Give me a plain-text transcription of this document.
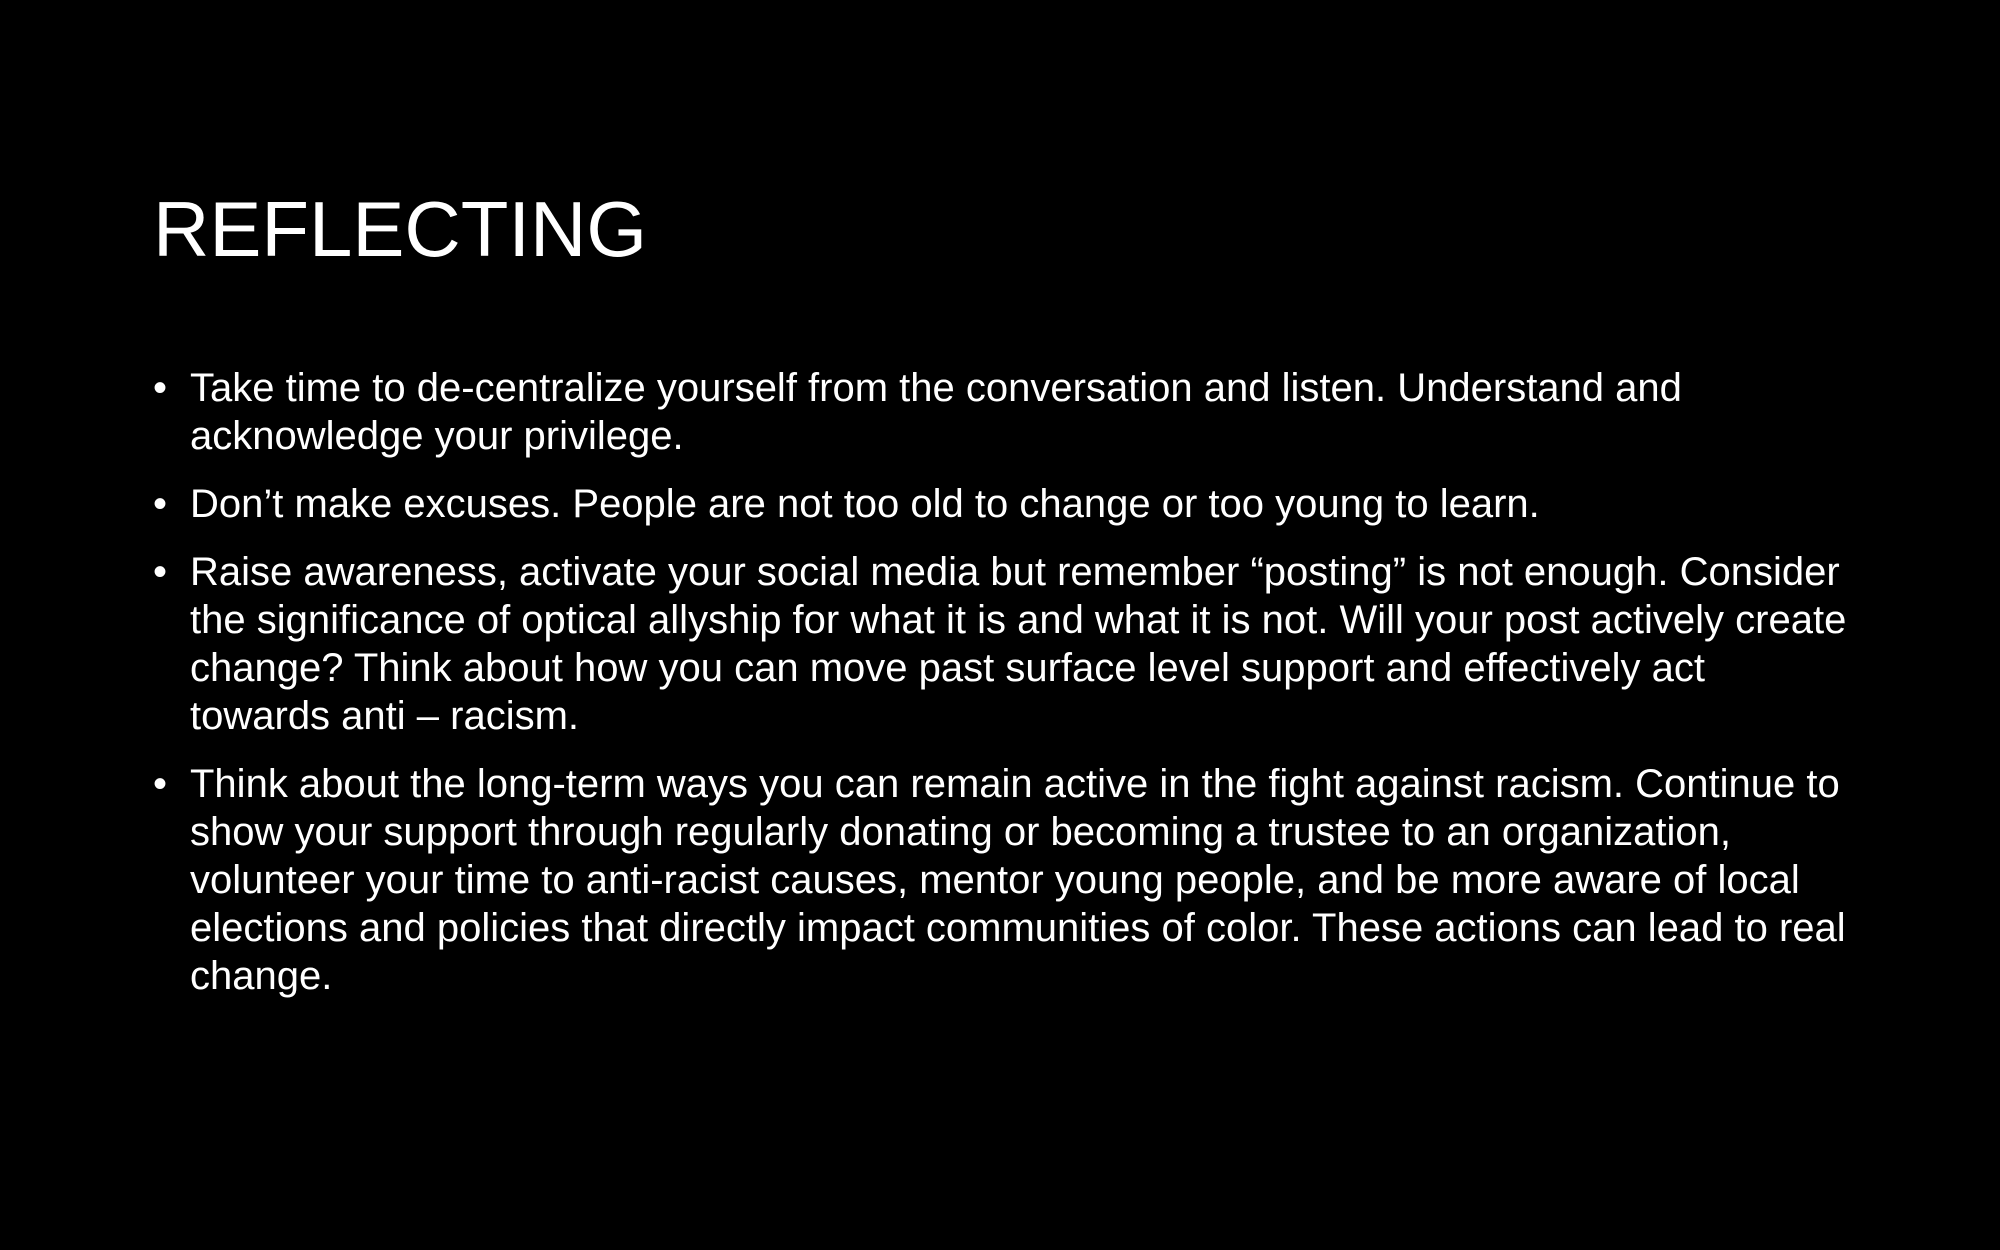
REFLECTING
• Take time to de-centralize yourself from the conversation and listen. Understand and acknowledge your privilege.
• Don’t make excuses. People are not too old to change or too young to learn.
• Raise awareness, activate your social media but remember “posting” is not enough. Consider the significance of optical allyship for what it is and what it is not. Will your post actively create change? Think about how you can move past surface level support and effectively act towards anti – racism.
• Think about the long-term ways you can remain active in the fight against racism. Continue to show your support through regularly donating or becoming a trustee to an organization, volunteer your time to anti-racist causes, mentor young people, and be more aware of local elections and policies that directly impact communities of color. These actions can lead to real change.
